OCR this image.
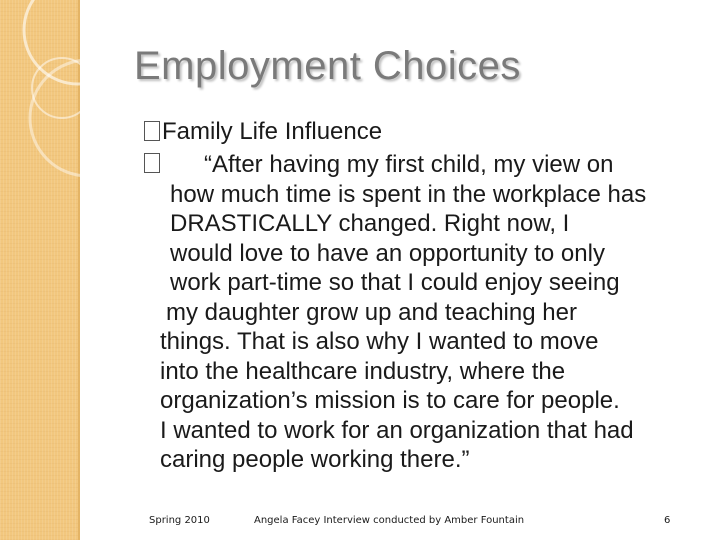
Employment Choices
Family Life Influence
“After having my first child, my view on
how much time is spent in the workplace has
DRASTICALLY changed. Right now, I
would love to have an opportunity to only
work part-time so that I could enjoy seeing
my daughter grow up and teaching her
things. That is also why I wanted to move
into the healthcare industry, where the
organization’s mission is to care for people.
I wanted to work for an organization that had
caring people working there.”
Spring 2010	Angela Facey Interview conducted by Amber Fountain	6
